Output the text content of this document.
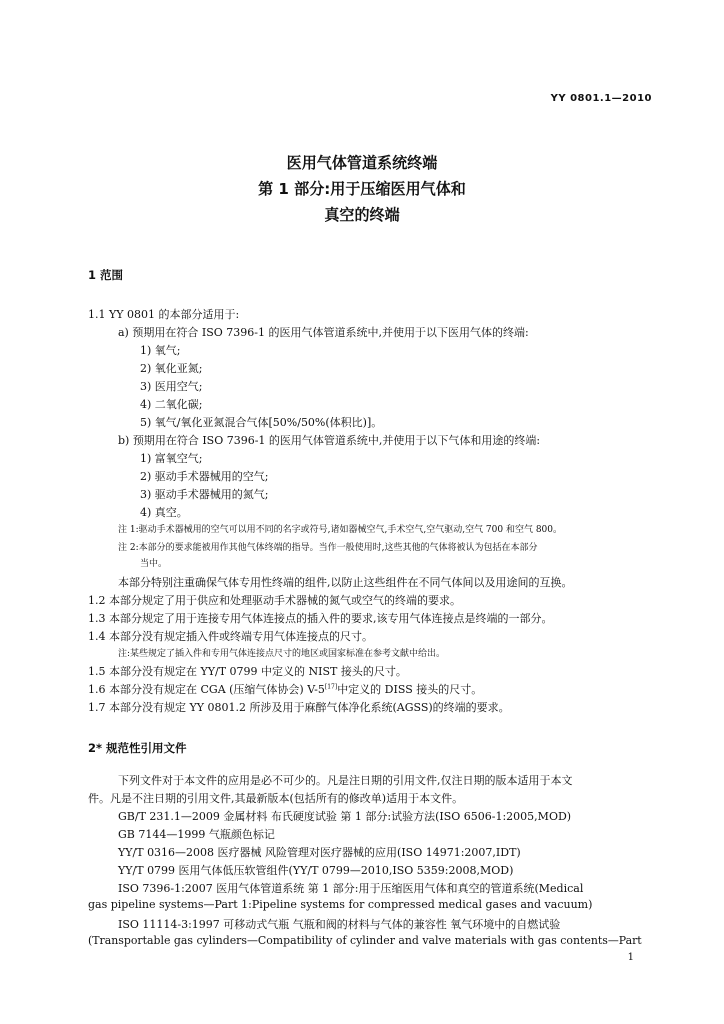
YY 0801.1—2010
医用气体管道系统终端
第 1 部分:用于压缩医用气体和
真空的终端
1 范围
1.1 YY 0801 的本部分适用于:
a) 预期用在符合 ISO 7396-1 的医用气体管道系统中,并使用于以下医用气体的终端:
1) 氧气;
2) 氧化亚氮;
3) 医用空气;
4) 二氧化碳;
5) 氧气/氧化亚氮混合气体[50%/50%(体积比)]。
b) 预期用在符合 ISO 7396-1 的医用气体管道系统中,并使用于以下气体和用途的终端:
1) 富氧空气;
2) 驱动手术器械用的空气;
3) 驱动手术器械用的氮气;
4) 真空。
注 1:驱动手术器械用的空气可以用不同的名字或符号,诸如器械空气,手术空气,空气驱动,空气 700 和空气 800。
注 2:本部分的要求能被用作其他气体终端的指导。当作一般使用时,这些其他的气体将被认为包括在本部分
当中。
本部分特别注重确保气体专用性终端的组件,以防止这些组件在不同气体间以及用途间的互换。
1.2 本部分规定了用于供应和处理驱动手术器械的氮气或空气的终端的要求。
1.3 本部分规定了用于连接专用气体连接点的插入件的要求,该专用气体连接点是终端的一部分。
1.4 本部分没有规定插入件或终端专用气体连接点的尺寸。
注:某些规定了插入件和专用气体连接点尺寸的地区或国家标准在参考文献中给出。
1.5 本部分没有规定在 YY/T 0799 中定义的 NIST 接头的尺寸。
1.6 本部分没有规定在 CGA (压缩气体协会) V-5[17]中定义的 DISS 接头的尺寸。
1.7 本部分没有规定 YY 0801.2 所涉及用于麻醉气体净化系统(AGSS)的终端的要求。
2* 规范性引用文件
下列文件对于本文件的应用是必不可少的。凡是注日期的引用文件,仅注日期的版本适用于本文
件。凡是不注日期的引用文件,其最新版本(包括所有的修改单)适用于本文件。
GB/T 231.1—2009 金属材料 布氏硬度试验 第 1 部分:试验方法(ISO 6506-1:2005,MOD)
GB 7144—1999 气瓶颜色标记
YY/T 0316—2008 医疗器械 风险管理对医疗器械的应用(ISO 14971:2007,IDT)
YY/T 0799 医用气体低压软管组件(YY/T 0799—2010,ISO 5359:2008,MOD)
ISO 7396-1:2007 医用气体管道系统 第 1 部分:用于压缩医用气体和真空的管道系统(Medical
gas pipeline systems—Part 1:Pipeline systems for compressed medical gases and vacuum)
ISO 11114-3:1997 可移动式气瓶 气瓶和阀的材料与气体的兼容性 氧气环境中的自燃试验
(Transportable gas cylinders—Compatibility of cylinder and valve materials with gas contents—Part
1
